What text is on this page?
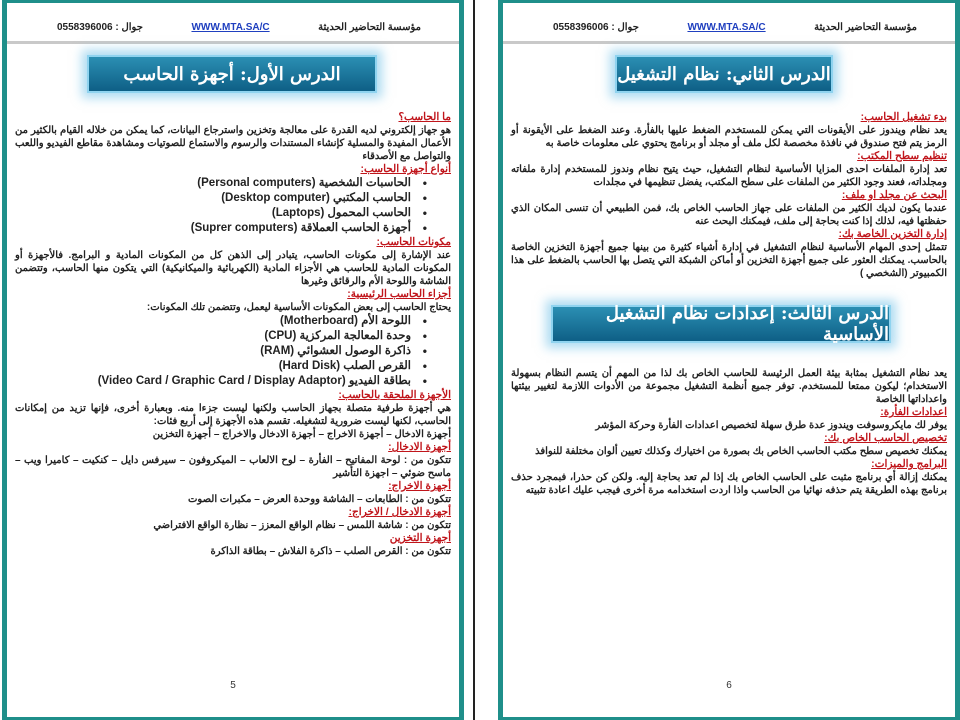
جوال : 0558396006	WWW.MTA.SA/C	مؤسسة التحاضير الحديثة
الدرس الأول: أجهزة الحاسب
ما الحاسب؟
هو جهاز إلكتروني لديه القدرة على معالجة وتخزين واسترجاع البيانات، كما يمكن من خلاله القيام بالكثير من الأعمال المفيدة والمسلية كإنشاء المستندات والرسوم والاستماع للصوتيات ومشاهدة مقاطع الفيديو واللعب والتواصل مع الأصدقاء
أنواع أجهزة الحاسب:
• الحاسبات الشخصية (Personal computers)
• الحاسب المكتبي (Desktop computer)
• الحاسب المحمول (Laptops)
• أجهزة الحاسب العملاقة (Suprer computers)
مكونات الحاسب:
عند الإشارة إلى مكونات الحاسب، يتبادر إلى الذهن كل من المكونات المادية و البرامج. فالأجهزة أو المكونات المادية للحاسب هي الأجزاء المادية (الكهربائية والميكانيكية) التي يتكون منها الحاسب، وتتضمن الشاشة واللوحة الأم والرقائق وغيرها
أجزاء الحاسب الرئيسية:
يحتاج الحاسب إلى بعض المكونات الأساسية ليعمل، وتتضمن تلك المكونات:
• اللوحة الأم (Motherboard)
• وحدة المعالجة المركزية (CPU)
• ذاكرة الوصول العشوائي (RAM)
• القرص الصلب (Hard Disk)
• بطاقة الفيديو (Video Card / Graphic Card / Display Adaptor)
الأجهزة الملحقة بالحاسب:
هي أجهزة طرفية متصلة بجهاز الحاسب ولكنها ليست جزءا منه. وبعبارة أخرى، فإنها تزيد من إمكانات الحاسب، لكنها ليست ضرورية لتشغيله. تقسم هذه الأجهزة إلى أربع فئات:
أجهزة الادخال – أجهزة الاخراج – أجهزة الادخال والاخراج – أجهزة التخزين
أجهزة الادخال:
تتكون من : لوحة المفاتيح – الفأرة – لوح الالعاب – الميكروفون – سيرفس دايل – كنكيت – كاميرا ويب – ماسح ضوئي – اجهزة التأشير
أجهزة الاخراج:
تتكون من : الطابعات – الشاشة ووحدة العرض – مكبرات الصوت
أجهزة الادخال / الاخراج:
تتكون من : شاشة اللمس – نظام الواقع المعزز – نظارة الواقع الافتراضي
أجهزة التخزين
تتكون من : القرص الصلب – ذاكرة الفلاش – بطاقة الذاكرة
5
جوال : 0558396006	WWW.MTA.SA/C	مؤسسة التحاضير الحديثة
الدرس الثاني: نظام التشغيل
بدء تشغيل الحاسب:
يعد نظام ويندوز على الأيقونات التي يمكن للمستخدم الضغط عليها بالفأرة. وعند الضغط على الأيقونة أو الرمز يتم فتح صندوق في نافذة مخصصة لكل ملف أو مجلد أو برنامج يحتوي على معلومات خاصة به
تنظيم سطح المكتب:
تعد إدارة الملفات احدى المزايا الأساسية لنظام التشغيل، حيث يتيح نظام وندوز للمستخدم إدارة ملفاته ومجلداته، فعند وجود الكثير من الملفات على سطح المكتب، يفضل تنظيمها في مجلدات
البحث عن مجلد او ملف:
عندما يكون لديك الكثير من الملفات على جهاز الحاسب الخاص بك، فمن الطبيعي أن تنسى المكان الذي حفظتها فيه، لذلك إذا كنت بحاجة إلى ملف، فيمكنك البحث عنه
إدارة التخزين الخاصة بك:
تتمثل إحدى المهام الأساسية لنظام التشغيل في إدارة أشياء كثيرة من بينها جميع أجهزة التخزين الخاصة بالحاسب. يمكنك العثور على جميع أجهزة التخزين أو أماكن الشبكة التي يتصل بها الحاسب بالضغط على هذا الكمبيوتر (الشخصي )
الدرس الثالث: إعدادات نظام التشغيل الأساسية
يعد نظام التشغيل بمثابة بيئة العمل الرئيسة للحاسب الخاص بك لذا من المهم أن يتسم النظام بسهولة الاستخدام؛ ليكون ممتعا للمستخدم. توفر جميع أنظمة التشغيل مجموعة من الأدوات اللازمة لتغيير بيئتها واعداداتها الخاصة
اعدادات الفأرة:
يوفر لك مايكروسوفت ويندوز عدة طرق سهلة لتخصيص اعدادات الفأرة وحركة المؤشر
تخصيص الحاسب الخاص بك:
يمكنك تخصيص سطح مكتب الحاسب الخاص بك بصورة من اختيارك وكذلك تعيين ألوان مختلفة للنوافذ
البرامج والميزات:
يمكنك إزالة أي برنامج مثبت على الحاسب الخاص بك إذا لم تعد بحاجة إليه. ولكن كن حذرا، فبمجرد حذف برنامج بهذه الطريقة يتم حذفه نهائيا من الحاسب واذا اردت استخدامه مرة أخرى فيجب عليك اعادة تثبيته
6
